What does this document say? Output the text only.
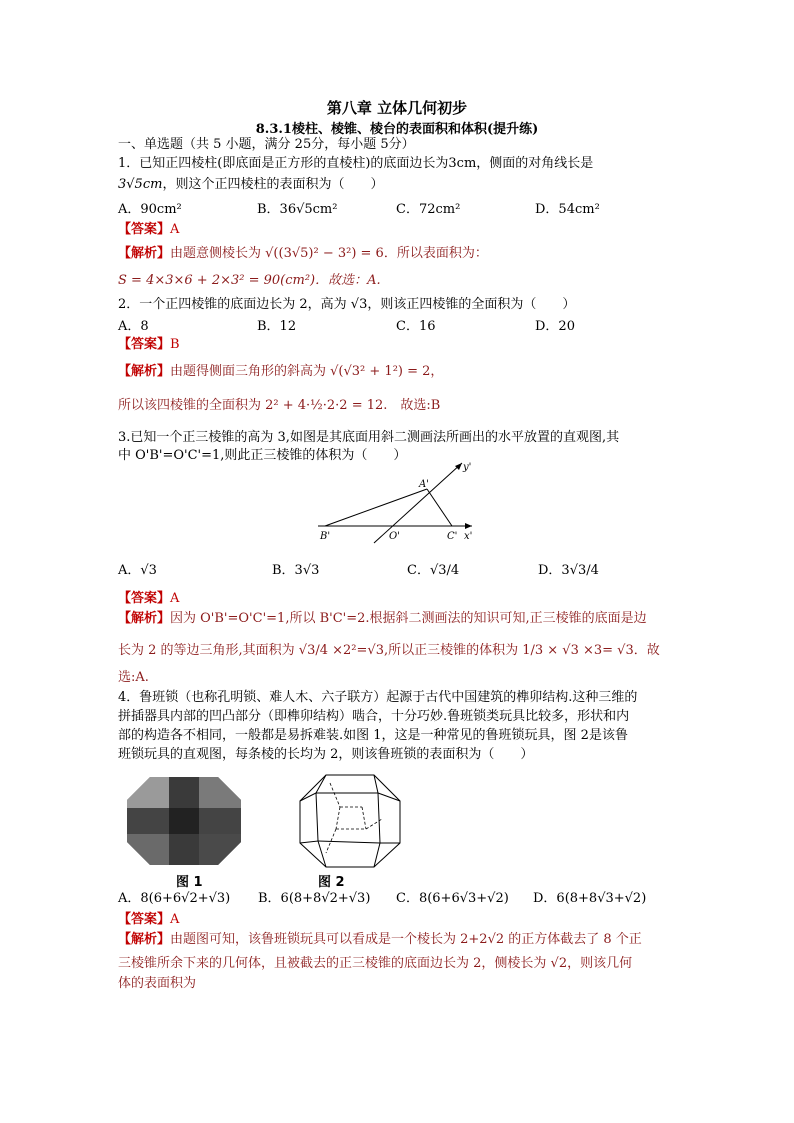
第八章 立体几何初步
8.3.1棱柱、棱锥、棱台的表面积和体积(提升练)
一、单选题（共 5 小题，满分 25分，每小题 5分）
1．已知正四棱柱(即底面是正方形的直棱柱)的底面边长为3cm，侧面的对角线长是
3√5cm，则这个正四棱柱的表面积为（　　）
A．90cm²	B．36√5cm²	C．72cm²	D．54cm²
【答案】A
【解析】由题意侧棱长为 √((3√5)² − 3²) = 6．所以表面积为：
S = 4×3×6 + 2×3² = 90(cm²)．故选：A.
2．一个正四棱锥的底面边长为 2，高为 √3，则该正四棱锥的全面积为（　　）
A．8	B．12	C．16	D．20
【答案】B
【解析】由题得侧面三角形的斜高为 √(√3² + 1²) = 2，
所以该四棱锥的全面积为 2² + 4·½·2·2 = 12.　故选:B
3.已知一个正三棱锥的高为 3,如图是其底面用斜二测画法所画出的水平放置的直观图,其
中 O'B'=O'C'=1,则此正三棱锥的体积为（　　）
y'
A'
B'	O'	C' x'
A．√3	B．3√3	C．√3/4	D．3√3/4
【答案】A
【解析】因为 O'B'=O'C'=1,所以 B'C'=2.根据斜二测画法的知识可知,正三棱锥的底面是边
长为 2 的等边三角形,其面积为 √3/4 ×2²=√3,所以正三棱锥的体积为 1/3 × √3 ×3= √3．故
选:A.
4．鲁班锁（也称孔明锁、难人木、六子联方）起源于古代中国建筑的榫卯结构.这种三维的
拼插器具内部的凹凸部分（即榫卯结构）啮合，十分巧妙.鲁班锁类玩具比较多，形状和内
部的构造各不相同，一般都是易拆难装.如图 1，这是一种常见的鲁班锁玩具，图 2是该鲁
班锁玩具的直观图，每条棱的长均为 2，则该鲁班锁的表面积为（　　）
图 1	图 2
A．8(6+6√2+√3) B．6(8+8√2+√3) C．8(6+6√3+√2) D．6(8+8√3+√2)
【答案】A
【解析】由题图可知，该鲁班锁玩具可以看成是一个棱长为 2+2√2 的正方体截去了 8 个正
三棱锥所余下来的几何体，且被截去的正三棱锥的底面边长为 2，侧棱长为 √2，则该几何
体的表面积为
